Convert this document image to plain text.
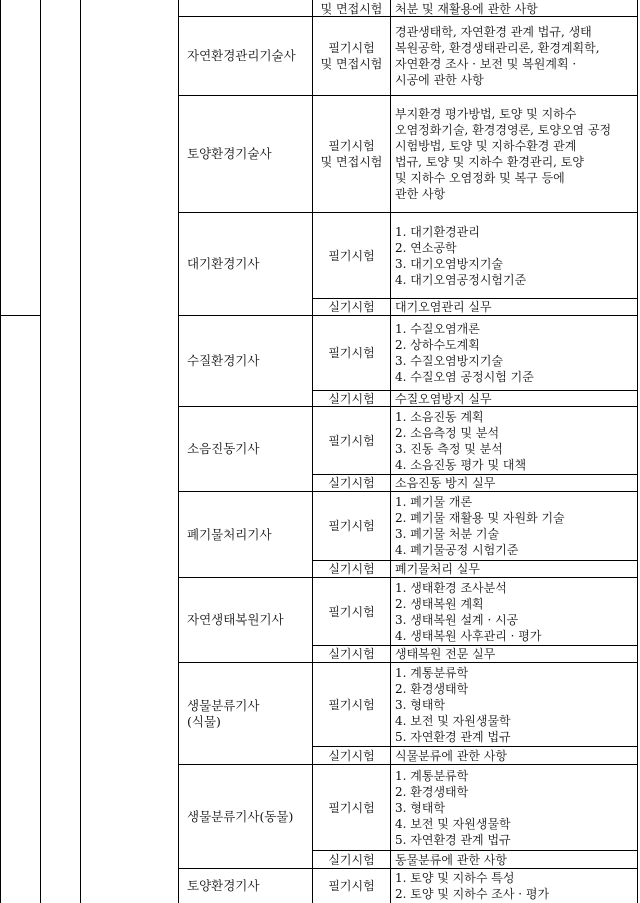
및 면접시험 처분 및 재활용에 관한 사항
필기시험
및 면접시험
경관생태학, 자연환경 관계 법규, 생태
복원공학, 환경생태관리론, 환경계획학,
자연환경 조사 · 보전 및 복원계획 ·
시공에 관한 사항
자연환경관리기술사
필기시험
및 면접시험
부지환경 평가방법, 토양 및 지하수
오염정화기술, 환경경영론, 토양오염 공정
시험방법, 토양 및 지하수환경 관계
법규, 토양 및 지하수 환경관리, 토양
및 지하수 오염정화 및 복구 등에
관한 사항
토양환경기술사
필기시험
1. 대기환경관리
2. 연소공학
3. 대기오염방지기술
4. 대기오염공정시험기준
대기환경기사
실기시험 대기오염관리 실무
필기시험
1. 수질오염개론
2. 상하수도계획
3. 수질오염방지기술
4. 수질오염 공정시험 기준
수질환경기사
실기시험 수질오염방지 실무
필기시험
1. 소음진동 계획
2. 소음측정 및 분석
3. 진동 측정 및 분석
4. 소음진동 평가 및 대책
소음진동기사
실기시험 소음진동 방지 실무
필기시험
1. 폐기물 개론
2. 폐기물 재활용 및 자원화 기술
3. 폐기물 처분 기술
4. 폐기물공정 시험기준
폐기물처리기사
실기시험 폐기물처리 실무
필기시험
1. 생태환경 조사분석
2. 생태복원 계획
3. 생태복원 설계 · 시공
4. 생태복원 사후관리 · 평가
자연생태복원기사
실기시험 생태복원 전문 실무
필기시험
1. 계통분류학
2. 환경생태학
3. 형태학
4. 보전 및 자원생물학
5. 자연환경 관계 법규
생물분류기사
(식물)
실기시험 식물분류에 관한 사항
필기시험
1. 계통분류학
2. 환경생태학
3. 형태학
4. 보전 및 자원생물학
5. 자연환경 관계 법규
생물분류기사(동물)
실기시험 동물분류에 관한 사항
필기시험
1. 토양 및 지하수 특성
2. 토양 및 지하수 조사 · 평가
토양환경기사
